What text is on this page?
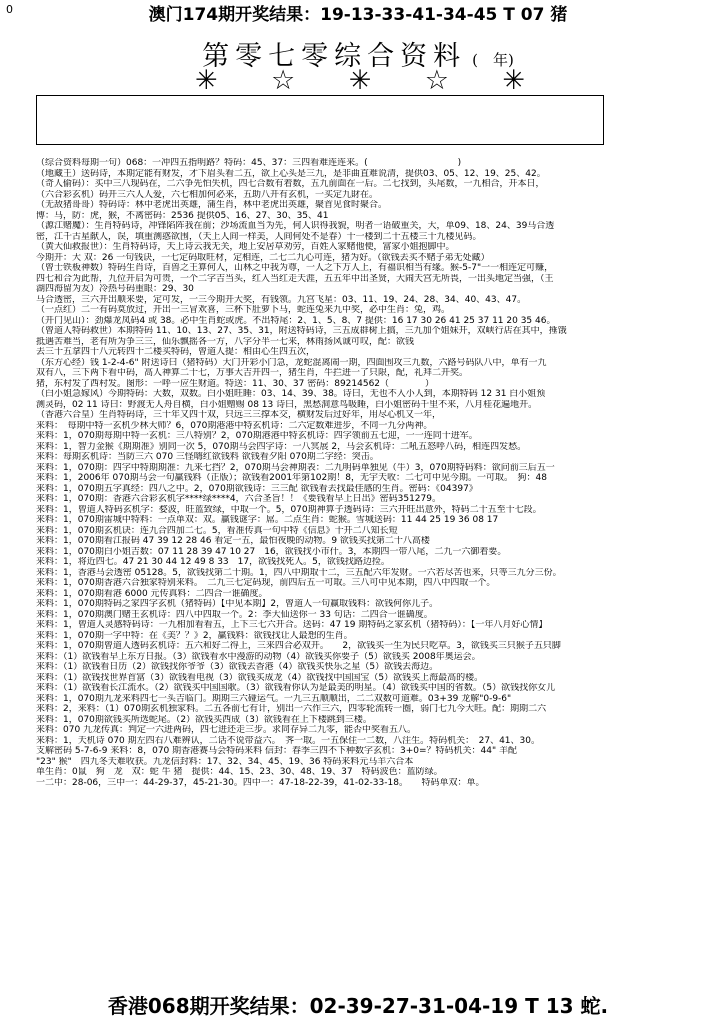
0	澳门174期开奖结果：19-13-33-41-34-45 T 07 猪
第零七零综合资料 (　年)
✳ ☆ ✳ ☆ ✳
（综合资料每期一句）068：一冲四五指明路？特码：45、37：三四看难连连来。(　　　　　　　　　　)
（地藏王）送码诗，本期定能有财发，才下眉头看二五，欲上心头是三九，是非曲直难说清，提供03、05、12、19、25、42。
（奇人偷码）：买中三八现码在，二六争先怕失机，四七合数有着数，五九前面在一后。二七找到，头尾数，一九相合，开本日，
（六合彩玄机）码开三六人人爱，六七相加何必来，五助八开有玄机，一买定九財在。
（无敌猪哥哥）特码诗：林中老虎出英雄，蒲生肖，林中老虎出英雄，聚首见食时聚合。
博：马，防：虎，猴，不离密码：2536 提供05、16、27、30、35、41
（源江赌魔）：生肖特码诗，冲锋陷阵我在前；沙场流血当为先，何人识得我貌，明者一语破重关，大，单09、18、24、39马合透
密，江千古星献人，误，填重测惑欲围，（天上人间一样美，人间何处不是春）十一楼到二十五楼三十九楼见码。
（黄大仙救报世）：生肖特码诗，天上诗云我无关，地上安居草劝劳，百姓入家赌他便，富家小姐抱脚中。
今期开：大 双：26 一句钱诀，一七定码取旺材，定相连，二七二九心可连，猪为好。（欲钱去买不赌子弟无处藏）
（曾士铁板神数）特码生肖诗，百兽之王算何人，山林之中我为尊，一人之下万人上，有福识相当有缘。猴-5-7"一一相连定可赚，
四七和合为此帮，九位开启为可贵，一个二字吉当头，红入当红走天涯，五五年中出圣贤，大闹天宫无所畏，一出头地定当强，（王
湖四海留为友）冷热号码重眼：29、30
马合透密，三六开出顺来要，定可发，一三今期开大奖，有钱领。九宫飞星：03、11、19、24、28、34、40、43、47。
（一点红）二一有码莫放过，开出一三冒欢喜，三杯下肚萝卜马，蛇连兔来九中奖，必中生肖：兔，鸡。
（开门见山）：劲爆龙凤码4 或 38。必中生肖蛇或虎。不出特尾：2、1、5、8、7 提供：16 17 30 26 41 25 37 11 20 35 46。
（曾道人特码救世）本期特码 11、10、13、27、35、31，附送特码诗，三五成群树上搞，三九加个姐妹开，双峡行店在其中，捶饿
抵遇苦难当，老有所为争三三，仙乐飘摇各一方，八字分半一七来，林雨扬风诚可叹，配：欲钱
去三十五拿四十八元转四十二楼买特码，曾道人提：相由心生四五次，
（东方心经）钱 1-2-4-6" 附送诗曰（猪特码）大门开彩小门急，龙蛇混离闹一期，四面围攻三九数，六路号码队八中，单有一九
双有八，三下两下看中码，高人神算二十七，万事大吉开四一，猪生肖，牛拦进一了只限，配，礼拜二开奖。
猪，东村发了西村发。图形：一呼一应生财道。特送：11、30、37 密码：89214562（　　　　）
（白小姐急嫁风）今期特码：大数，双数。白小姐旺睡：03、14、39、38。诗曰，无也不入小人到，本期特码 12 31 白小姐预
测灵码，02 11 诗曰：野渡无人舟自横，白小姐赠赐 08 13 诗曰，黑愁洞意鸟吸睡，白小姐密码千里不来，八月桂花遍地开。
（香港六合皇）生肖特码诗，三十年又四十双，只远三三撑本交，横财发后过好年，用尽心机又一年，
来料：　每期中特一玄机少林大师？6，070期港港中特玄机诗：二六定数难进步，不同一九分两神。
来料：1，070期每期中特一玄机：三八特别？2，070期港港中特玄机诗：四字领前五七迎，一一连同十进军。
来料：1，智力金猴《期期准》别同一次 5，070期马会四字诗：一八冥展 2，马会玄机诗：二吼五怒呼八码，相连四发愁。
来料：每期玄机诗：当防三六 070 三怪嗨红欲钱料 欲钱看夕阳 070期二字经：突击。
来料：1，070期：四字中特期期准：九来七挡？2，070期马会神期表：二九明码单独见（牛）3，070期特码料：欲问前三后五一
来料：1，2006年 070期马会一句赢钱料（正版）；欲钱看2001年第102期！8，无宇天收：二七可中见今期。一可取。　狗：48
来料：1，070期五字真经：四八之中。2，070期欲钱诗：三三配 欲钱看去找最佳感的生肖。密码：《04397》
来料：1，070期：香港六合彩玄机字****绿****4，六合圣旨！！《要钱看早上日出》密码351279。
来料：1，曾道人特码玄机字：婺波，旺蓝致绿，中取一个。5，070期神算子透码诗：三六开旺出意外，特码二十五至十七段。
来料：1，070期雷城中特料：一点单双：双。赢钱谜字：屌。二点生肖：蛇猴。雪城送码：11 44 25 19 36 08 17
来料：1，070期玄机诀：连九合四加二七。5，看准传真一句中特《信息》十开二八知长短
来料：1，070期看江报码 47 39 12 28 46 看定一五，最怕夜晚的动物。9 欲钱买找第二十八高楼
来料：1，070期白小姐吉数：07 11 28 39 47 10 27　16，欲钱找小市什。3，本期四一带八尾，二九一六御着要。
来料：1，将近四七。47 21 30 44 12 49 8 33　17，欲钱找死人。5，欲钱找路边捡。
来料：1，香港马会透密 05128。5，欲钱找第二十期。1，四八中期取十二，三五配六年发财。一六若尽苦也来，只等三九分三份。
来料：1，070期香港六合独家特别来料。　二九三七定码现，前四后五一可取。三八可中见本期，四八中四取一个。
来料：1，070期看港 6000 元传真料：二四合一谁确度。
来料：1，070期特码之家四字玄机（猪特码）【中见本期】2，曾道人一句赢取钱料：欲钱何你儿子。
来料：1，070期澳门赌王玄机诗：四八中四取一个。2：李大仙送你一 33 句话：二四合一谁确度。
来料：1，曾道人灵感特码诗：一九相加看看五，上下三七六开合。送码：47 19 期特码之家玄机（猪特码）：【一年八月好心情】
来料：1，070期一字中特：在《美？？》2，赢钱料：欲钱找让人最想的生肖。
来料：1，070期曾道人透码玄机诗：五六和好二得上，三来四合必双开。　　2，欲钱买一生为民只吃草。3，欲钱买三只猴子五只脚
来料：（1）欲钱看早上东方日报。（3）欲钱看水中漫游的动物（4）欲钱买你要子（5）欲钱买 2008年奥运会。
来料：（1）欲钱看日历（2）欲钱找你爷爷（3）欲钱去香港（4）欲钱买快乐之星（5）欲钱去海边。
来料：（1）欲钱找世界首富（3）欲钱看电视（3）欲钱买成龙（4）欲钱找中国国宝（5）欲钱买上海最高的楼。
来料：（1）欲钱看长江流水。（2）欲钱买中国国歌。（3）欲钱看你认为是最美的明星。（4）欲钱买中国的省数。（5）欲钱找你女儿
来料：1，070期九龙来料四七一头吉临门。期期三六碰运气。一九三五顺顺出，二二双数可道难。03+39 龙解"0-9-6"
来料：2，来料：（1）070期玄机独家料。二五各前七有计，别出一六作三六，四零轮流转一圈，弱门七九今大旺。配：期期二六
来料：1，070期欲钱买所选蛇尾。（2）欲钱买西成（3）欲钱看在上下楼跳到三楼。
来料：070 九龙传真：判定一六进两码，四七进还走三步。求同存异二九零，能否中奖看五八。
来料：1，天机诗 070 期左四右八难辨认，二话不说带益六。　荠一取。一五保住一二数，八注生。特码机关：　27、41、30。
支解密码 5-7-6-9 来料：8，070 期香港赛马会特码来料 信封：春季三四不下种数字玄机：3+0=？特码机关：44" 羊配
"23" 猴"　四九冬天难收获。九龙信封料：17、32、34、45、19、36 特码来料元马羊六合本
单生肖：0鼠　狗　龙　双：蛇 牛 猪　提供：44、15、23、30、48、19、37　特码波色：蓝防绿。
一二中：28-06，三中一：44-29-37，45-21-30。四中一：47-18-22-39，41-02-33-18。　　特码单双：单。
香港068期开奖结果：02-39-27-31-04-19 T 13 蛇.
